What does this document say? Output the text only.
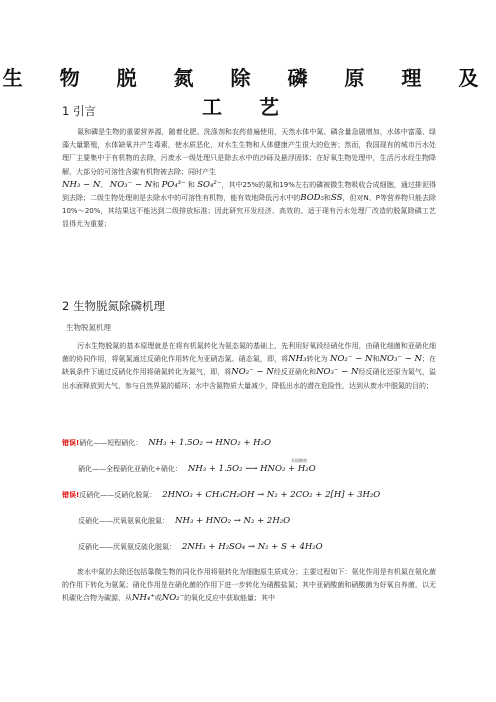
生 物 脱 氮 除 磷 原 理 及 工 艺
1 引言
氮和磷是生物的重要营养源，随着化肥、洗涤剂和农药普遍使用，天然水体中氮、磷含量急剧增加，水体中富藻、绿藻大量繁殖，水体缺氧并产生毒素，使水质恶化，对水生生物和人体健康产生很大的危害；然而，我国现有的城市污水处理厂主要集中于有机物的去除，污废水一级处理只是除去水中的沙砾及悬浮固体；在好氧生物处理中，生活污水经生物降解，大部分的可溶性含碳有机物被去除；同时产生
NH₃ − N、 NO₃⁻ − N和 PO₄³⁻ 和 SO₄²⁻，其中25%的氮和19%左右的磷被微生物吸收合成细胞，通过排泥得到去除；二级生物处理则是去除水中的可溶性有机物，能有效地降低污水中的BOD₅和SS，但对N、P等营养物只能去除10%～20%，其结果这不能达到二级排放标准；因此研究开发经济、高效的、适于现有污水处理厂改造的脱氮除磷工艺显得尤为重要；
2 生物脱氮除磷机理
生物脱氮机理
污水生物脱氮的基本原理就是在将有机氮转化为氨态氮的基础上，先利用好氧段经硝化作用，由硝化细菌和亚硝化细菌的协同作用，将氨氮通过反硝化作用转化为亚硝态氮、硝态氮，即，将NH₃转化为 NO₂⁻ − N和NO₃⁻ − N；在缺氧条件下通过反硝化作用将硝氮转化为氮气，即，将NO₂⁻ − N经反亚硝化和NO₃⁻ − N经反硝化还原为氮气，溢出水面释放到大气，参与自然界氮的循环；水中含氮物质大量减少，降低出水的潜在危险性，达到从废水中脱氮的目的；
错误!硝化——短程硝化： NH₃ + 1.5O₂ → HNO₂ + H₂O
硝化——全程硝化亚硝化+硝化： NH₃ + 1.5O₂ ⟶ HNO₂ + H₂O
亚硝酸菌
错误!反硝化——反硝化脱氮： 2HNO₃ + CH₃CH₂OH → N₂ + 2CO₂ + 2[H] + 3H₂O
反硝化——厌氧氨氧化脱氮： NH₃ + HNO₂ → N₂ + 2H₂O
反硝化——厌氧氨反硫化脱氮： 2NH₃ + H₂SO₄ → N₂ + S + 4H₂O
废水中氮的去除还包括靠微生物的同化作用将氨转化为细胞原生质成分；主要过程如下：氨化作用是有机氮在氨化菌的作用下转化为氨氮；硝化作用是在硝化菌的作用下进一步转化为硝酸盐氮；其中亚硝酸菌和硝酸菌为好氧自养菌，以无机碳化合物为碳源，从NH₄⁺或NO₂⁻的氧化反应中获取能量；其中
